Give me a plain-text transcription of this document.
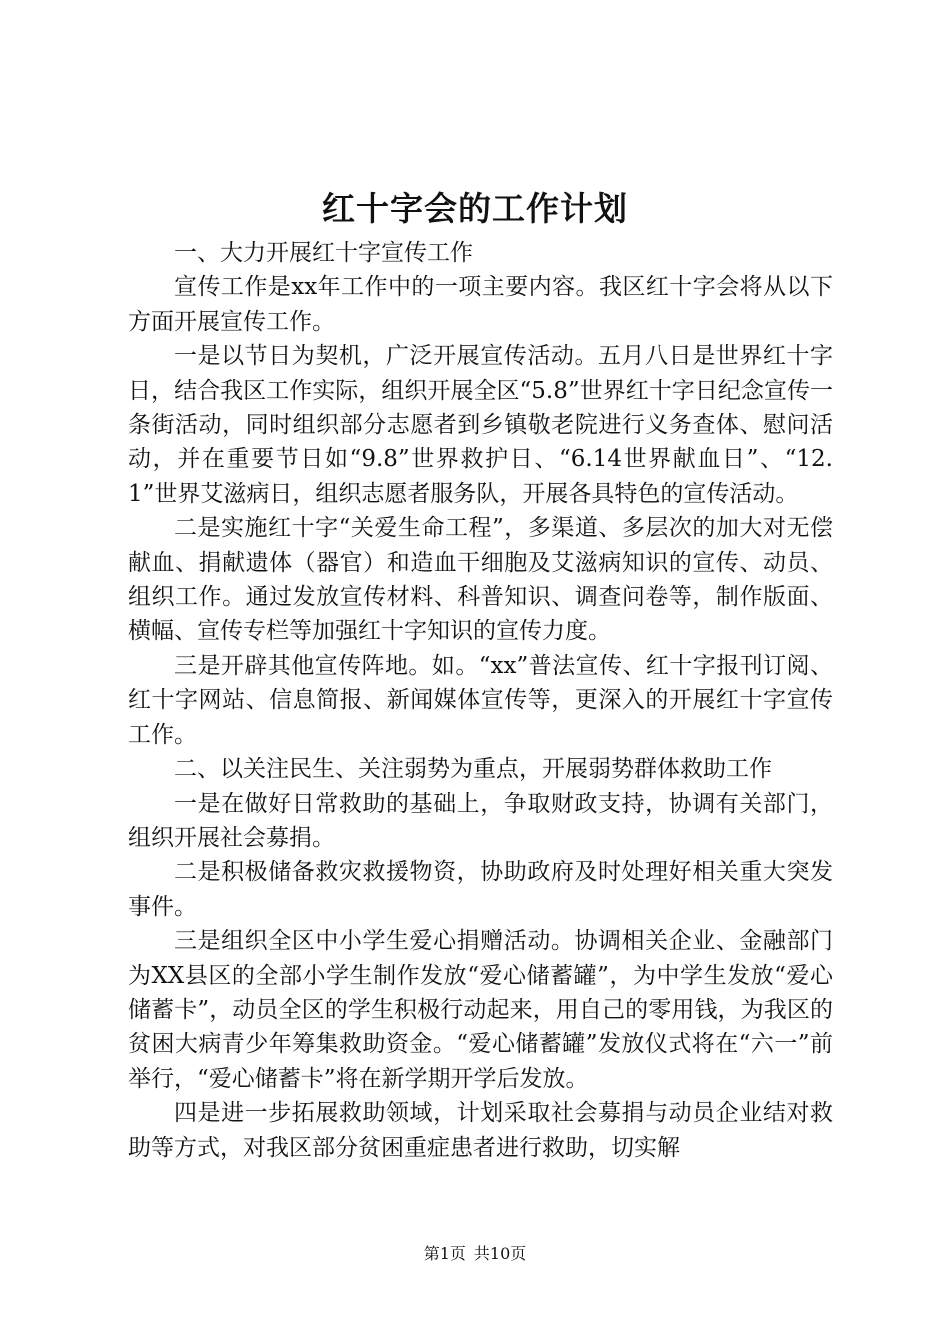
红十字会的工作计划

一、大力开展红十字宣传工作

宣传工作是xx年工作中的一项主要内容。我区红十字会将从以下方面开展宣传工作。

一是以节日为契机，广泛开展宣传活动。五月八日是世界红十字日，结合我区工作实际，组织开展全区“5.8”世界红十字日纪念宣传一条街活动，同时组织部分志愿者到乡镇敬老院进行义务查体、慰问活动，并在重要节日如“9.8”世界救护日、“6.14世界献血日”、“12.1”世界艾滋病日，组织志愿者服务队，开展各具特色的宣传活动。

二是实施红十字“关爱生命工程”，多渠道、多层次的加大对无偿献血、捐献遗体（器官）和造血干细胞及艾滋病知识的宣传、动员、组织工作。通过发放宣传材料、科普知识、调查问卷等，制作版面、横幅、宣传专栏等加强红十字知识的宣传力度。

三是开辟其他宣传阵地。如。“xx”普法宣传、红十字报刊订阅、红十字网站、信息简报、新闻媒体宣传等，更深入的开展红十字宣传工作。

二、以关注民生、关注弱势为重点，开展弱势群体救助工作

一是在做好日常救助的基础上，争取财政支持，协调有关部门，组织开展社会募捐。

二是积极储备救灾救援物资，协助政府及时处理好相关重大突发事件。

三是组织全区中小学生爱心捐赠活动。协调相关企业、金融部门为XX县区的全部小学生制作发放“爱心储蓄罐”，为中学生发放“爱心储蓄卡”，动员全区的学生积极行动起来，用自己的零用钱，为我区的贫困大病青少年筹集救助资金。“爱心储蓄罐”发放仪式将在“六一”前举行，“爱心储蓄卡”将在新学期开学后发放。

四是进一步拓展救助领域，计划采取社会募捐与动员企业结对救助等方式，对我区部分贫困重症患者进行救助，切实解

第1页 共10页
